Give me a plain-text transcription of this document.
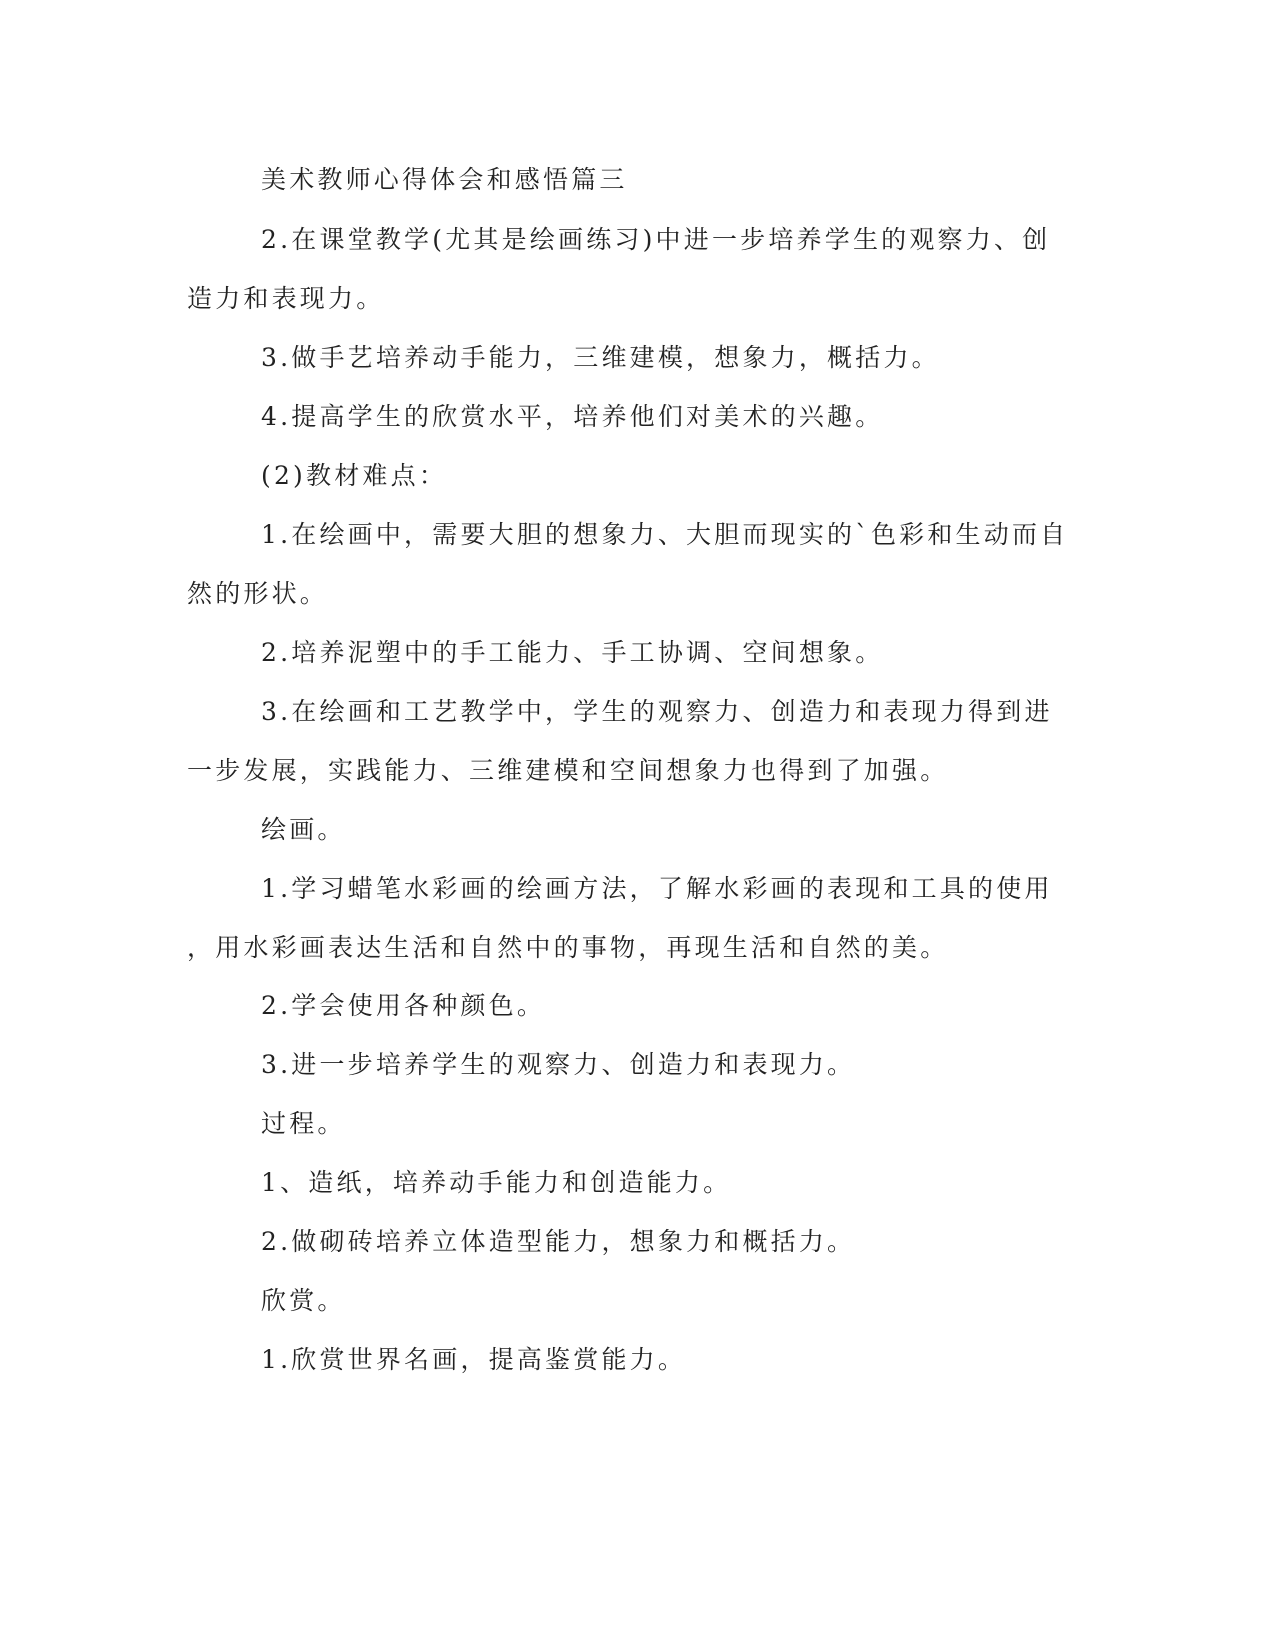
美术教师心得体会和感悟篇三
2.在课堂教学(尤其是绘画练习)中进一步培养学生的观察力、创
造力和表现力。
3.做手艺培养动手能力，三维建模，想象力，概括力。
4.提高学生的欣赏水平，培养他们对美术的兴趣。
(2)教材难点：
1.在绘画中，需要大胆的想象力、大胆而现实的`色彩和生动而自
然的形状。
2.培养泥塑中的手工能力、手工协调、空间想象。
3.在绘画和工艺教学中，学生的观察力、创造力和表现力得到进
一步发展，实践能力、三维建模和空间想象力也得到了加强。
绘画。
1.学习蜡笔水彩画的绘画方法，了解水彩画的表现和工具的使用
，用水彩画表达生活和自然中的事物，再现生活和自然的美。
2.学会使用各种颜色。
3.进一步培养学生的观察力、创造力和表现力。
过程。
1、造纸，培养动手能力和创造能力。
2.做砌砖培养立体造型能力，想象力和概括力。
欣赏。
1.欣赏世界名画，提高鉴赏能力。
